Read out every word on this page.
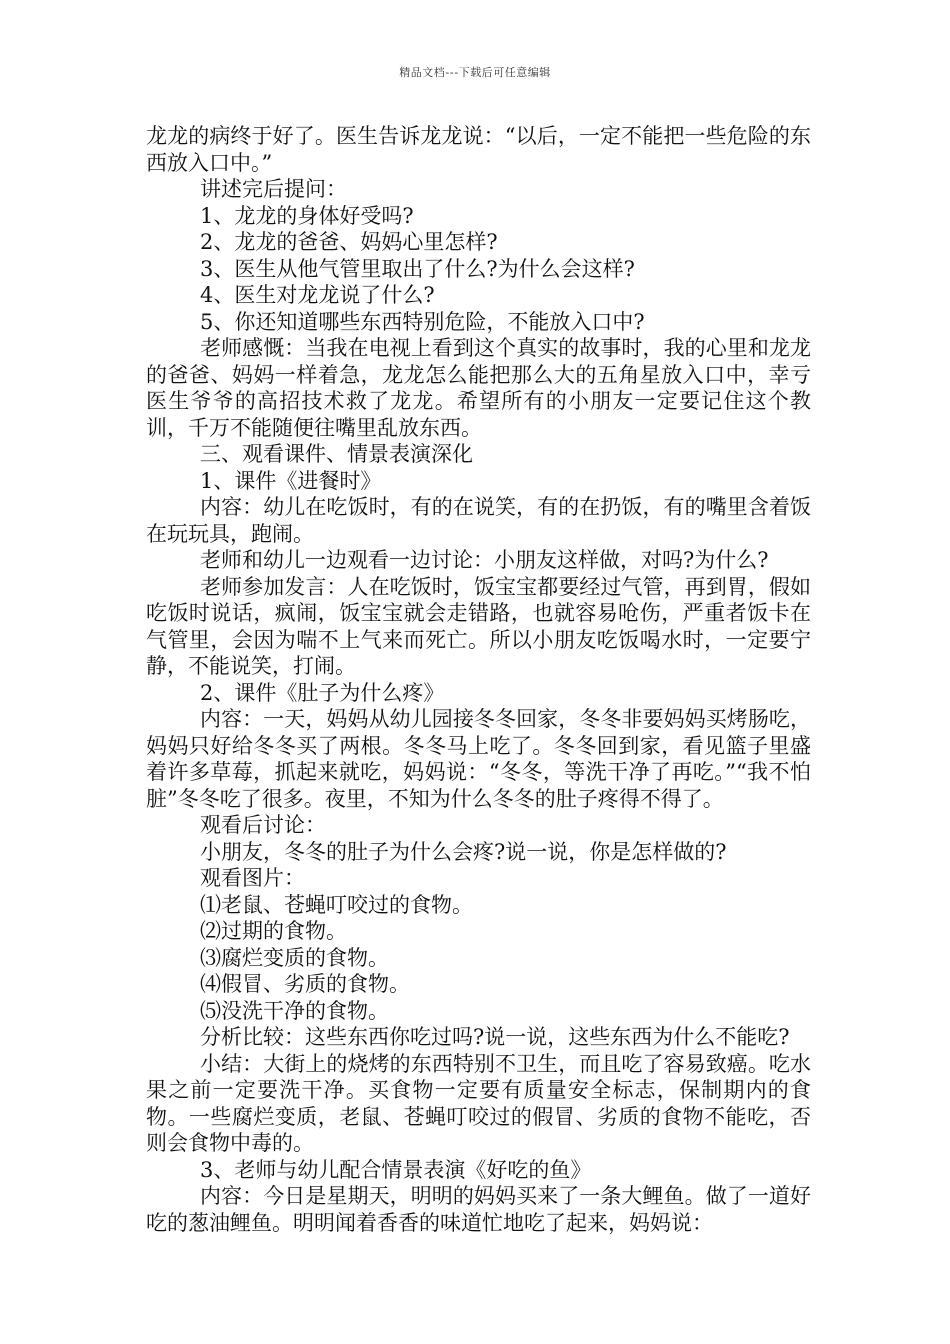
精品文档---下载后可任意编辑

龙龙的病终于好了。医生告诉龙龙说：“以后，一定不能把一些危险的东西放入口中。”

讲述完后提问：

1、龙龙的身体好受吗?

2、龙龙的爸爸、妈妈心里怎样?

3、医生从他气管里取出了什么?为什么会这样?

4、医生对龙龙说了什么?

5、你还知道哪些东西特别危险，不能放入口中?

老师感慨：当我在电视上看到这个真实的故事时，我的心里和龙龙的爸爸、妈妈一样着急，龙龙怎么能把那么大的五角星放入口中，幸亏医生爷爷的高招技术救了龙龙。希望所有的小朋友一定要记住这个教训，千万不能随便往嘴里乱放东西。

三、观看课件、情景表演深化

1、课件《进餐时》

内容：幼儿在吃饭时，有的在说笑，有的在扔饭，有的嘴里含着饭在玩玩具，跑闹。

老师和幼儿一边观看一边讨论：小朋友这样做，对吗?为什么?

老师参加发言：人在吃饭时，饭宝宝都要经过气管，再到胃，假如吃饭时说话，疯闹，饭宝宝就会走错路，也就容易呛伤，严重者饭卡在气管里，会因为喘不上气来而死亡。所以小朋友吃饭喝水时，一定要宁静，不能说笑，打闹。

2、课件《肚子为什么疼》

内容：一天，妈妈从幼儿园接冬冬回家，冬冬非要妈妈买烤肠吃，妈妈只好给冬冬买了两根。冬冬马上吃了。冬冬回到家，看见篮子里盛着许多草莓，抓起来就吃，妈妈说：“冬冬，等洗干净了再吃。”“我不怕脏”冬冬吃了很多。夜里，不知为什么冬冬的肚子疼得不得了。

观看后讨论：

小朋友，冬冬的肚子为什么会疼?说一说，你是怎样做的?

观看图片：

⑴老鼠、苍蝇叮咬过的食物。

⑵过期的食物。

⑶腐烂变质的食物。

⑷假冒、劣质的食物。

⑸没洗干净的食物。

分析比较：这些东西你吃过吗?说一说，这些东西为什么不能吃?

小结：大街上的烧烤的东西特别不卫生，而且吃了容易致癌。吃水果之前一定要洗干净。买食物一定要有质量安全标志，保制期内的食物。一些腐烂变质，老鼠、苍蝇叮咬过的假冒、劣质的食物不能吃，否则会食物中毒的。

3、老师与幼儿配合情景表演《好吃的鱼》

内容：今日是星期天，明明的妈妈买来了一条大鲤鱼。做了一道好吃的葱油鲤鱼。明明闻着香香的味道忙地吃了起来，妈妈说：
